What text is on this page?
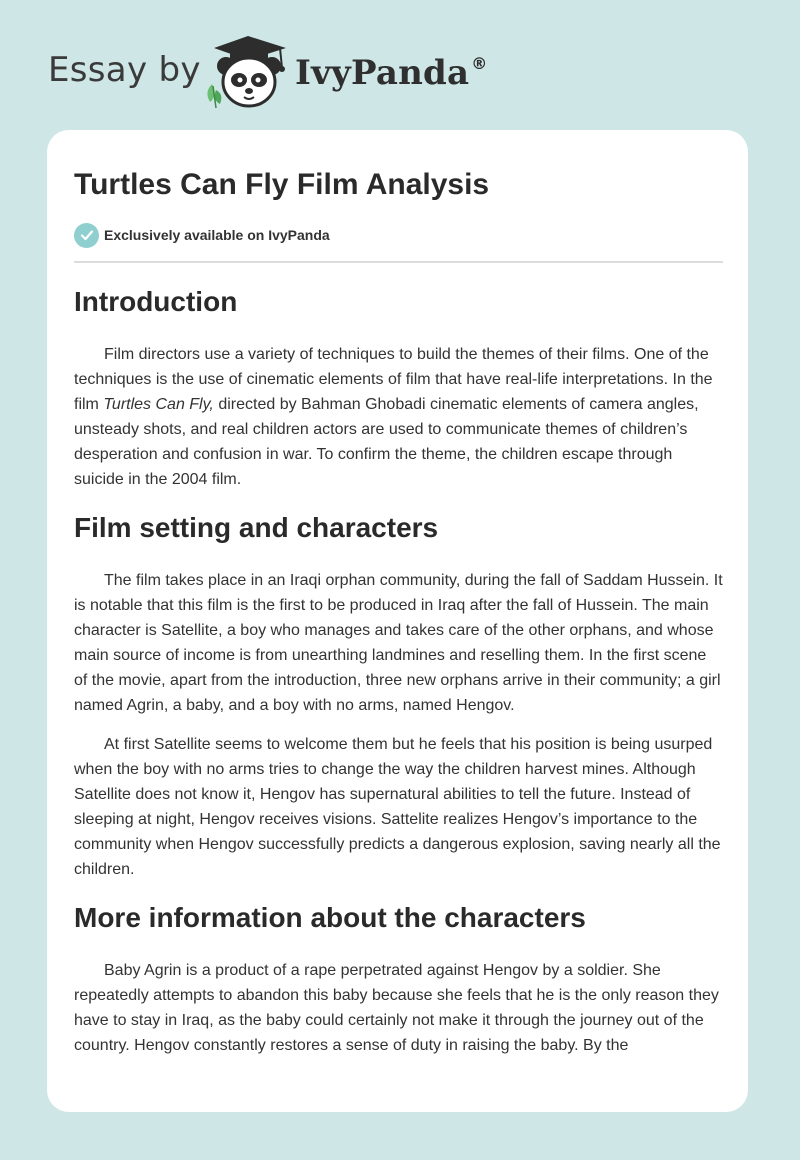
Essay by	IvyPanda ®
Turtles Can Fly Film Analysis
Exclusively available on IvyPanda
Introduction

Film directors use a variety of techniques to build the themes of their films. One of the techniques is the use of cinematic elements of film that have real-life interpretations. In the film Turtles Can Fly, directed by Bahman Ghobadi cinematic elements of camera angles, unsteady shots, and real children actors are used to communicate themes of children’s desperation and confusion in war. To confirm the theme, the children escape through suicide in the 2004 film.

Film setting and characters

The film takes place in an Iraqi orphan community, during the fall of Saddam Hussein. It is notable that this film is the first to be produced in Iraq after the fall of Hussein. The main character is Satellite, a boy who manages and takes care of the other orphans, and whose main source of income is from unearthing landmines and reselling them. In the first scene of the movie, apart from the introduction, three new orphans arrive in their community; a girl named Agrin, a baby, and a boy with no arms, named Hengov.

At first Satellite seems to welcome them but he feels that his position is being usurped when the boy with no arms tries to change the way the children harvest mines. Although Satellite does not know it, Hengov has supernatural abilities to tell the future. Instead of sleeping at night, Hengov receives visions. Sattelite realizes Hengov’s importance to the community when Hengov successfully predicts a dangerous explosion, saving nearly all the children.

More information about the characters

Baby Agrin is a product of a rape perpetrated against Hengov by a soldier. She repeatedly attempts to abandon this baby because she feels that he is the only reason they have to stay in Iraq, as the baby could certainly not make it through the journey out of the country. Hengov constantly restores a sense of duty in raising the baby. By the
